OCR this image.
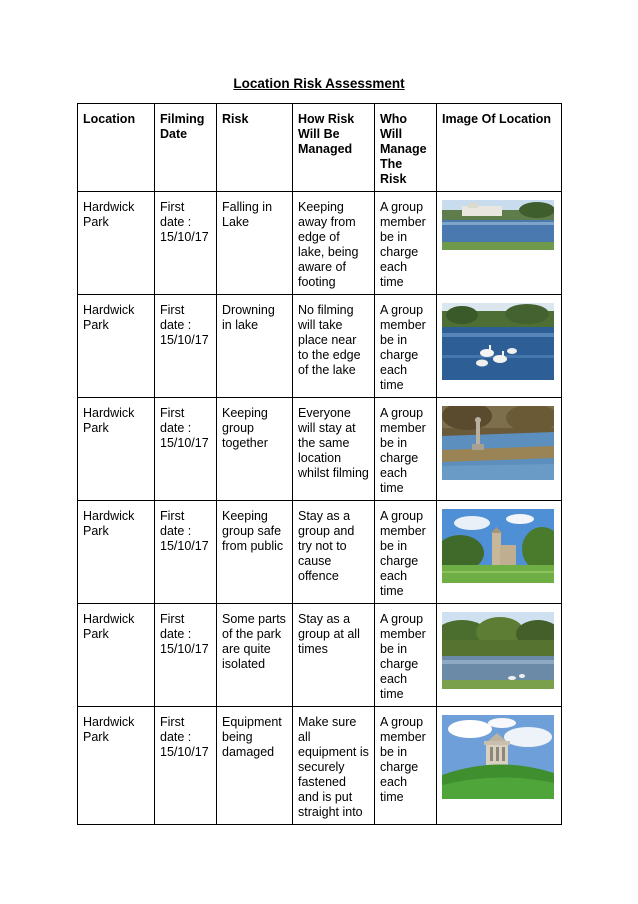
Location Risk Assessment
Location	Filming Date	Risk	How Risk Will Be Managed	Who Will Manage The Risk	Image Of Location
Hardwick Park	First date : 15/10/17	Falling in Lake	Keeping away from edge of lake, being aware of footing	A group member be in charge each time	

Hardwick Park	First date : 15/10/17	Drowning in lake	No filming will take place near to the edge of the lake	A group member be in charge each time	

Hardwick Park	First date : 15/10/17	Keeping group together	Everyone will stay at the same location whilst filming	A group member be in charge each time	

Hardwick Park	First date : 15/10/17	Keeping group safe from public	Stay as a group and try not to cause offence	A group member be in charge each time	

Hardwick Park	First date : 15/10/17	Some parts of the park are quite isolated	Stay as a group at all times	A group member be in charge each time	

Hardwick Park	First date : 15/10/17	Equipment being damaged	Make sure all equipment is securely fastened and is put straight into	A group member be in charge each time	
